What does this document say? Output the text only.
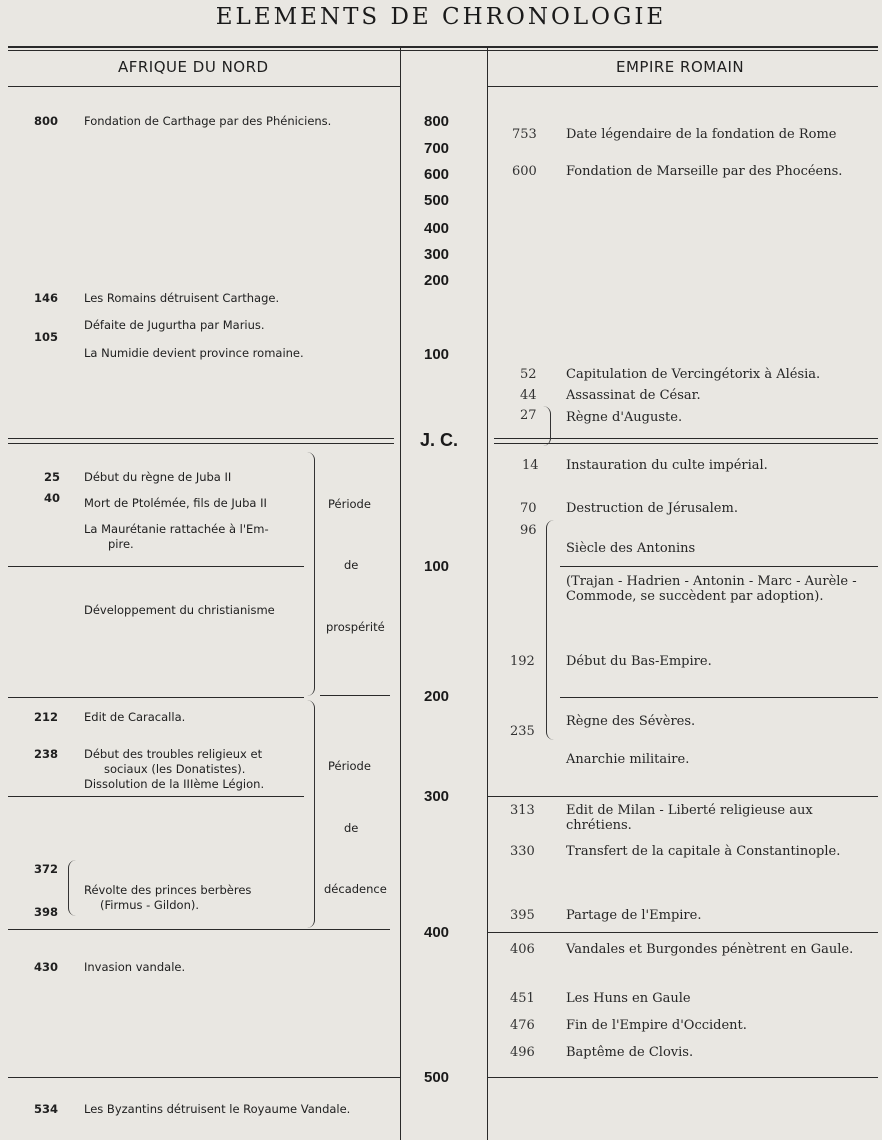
ELEMENTS DE CHRONOLOGIE
AFRIQUE DU NORD	EMPIRE ROMAIN
800
700
600
500
400
300
200
100
J. C.
100
200
300
400
500
800 Fondation de Carthage par des Phéniciens.
146 Les Romains détruisent Carthage.
Défaite de Jugurtha par Marius.
105
La Numidie devient province romaine.
25 Début du règne de Juba II
40 Mort de Ptolémée, fils de Juba II
La Maurétanie rattachée à l'Em-
pire.
Développement du christianisme
212 Edit de Caracalla.
238 Début des troubles religieux et
sociaux (les Donatistes).
Dissolution de la IIIème Légion.
372
Révolte des princes berbères
398	(Firmus - Gildon).
430 Invasion vandale.
534 Les Byzantins détruisent le Royaume Vandale.
Période
de
prospérité
Période
de
décadence
753 Date légendaire de la fondation de Rome
600 Fondation de Marseille par des Phocéens.
52 Capitulation de Vercingétorix à Alésia.
44 Assassinat de César.
27 Règne d'Auguste.
14 Instauration du culte impérial.
70 Destruction de Jérusalem.
96
Siècle des Antonins
(Trajan - Hadrien - Antonin - Marc - Aurèle - Commode, se succèdent par adoption).
192 Début du Bas-Empire.
Règne des Sévères.
235
Anarchie militaire.
313 Edit de Milan - Liberté religieuse aux chrétiens.
330 Transfert de la capitale à Constantinople.
395 Partage de l'Empire.
406 Vandales et Burgondes pénètrent en Gaule.
451 Les Huns en Gaule
476 Fin de l'Empire d'Occident.
496 Baptême de Clovis.
